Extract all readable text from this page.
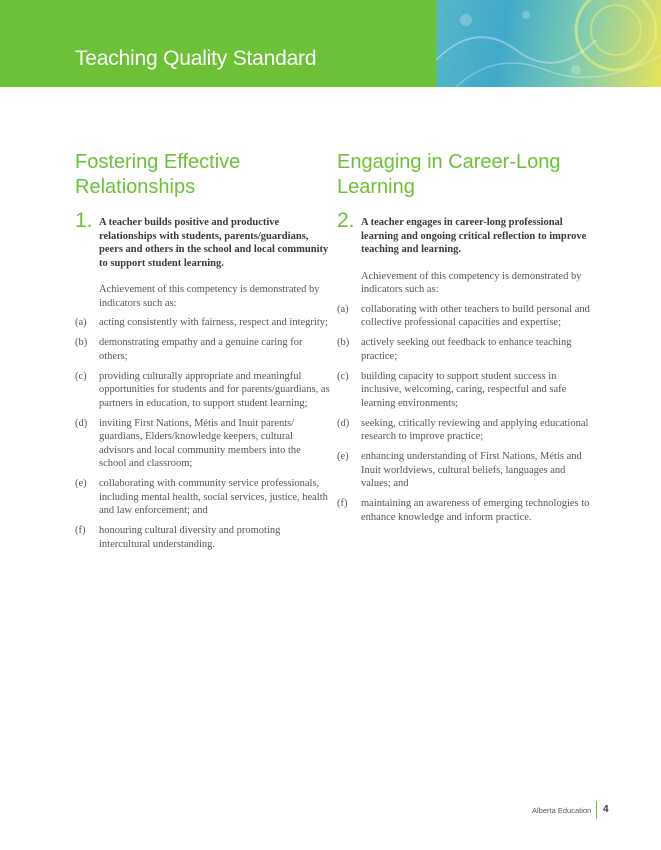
Teaching Quality Standard
Fostering Effective Relationships
1. A teacher builds positive and productive relationships with students, parents/guardians, peers and others in the school and local community to support student learning.
Achievement of this competency is demonstrated by indicators such as:
(a) acting consistently with fairness, respect and integrity;
(b) demonstrating empathy and a genuine caring for others;
(c) providing culturally appropriate and meaningful opportunities for students and for parents/guardians, as partners in education, to support student learning;
(d) inviting First Nations, Métis and Inuit parents/ guardians, Elders/knowledge keepers, cultural advisors and local community members into the school and classroom;
(e) collaborating with community service professionals, including mental health, social services, justice, health and law enforcement; and
(f) honouring cultural diversity and promoting intercultural understanding.
Engaging in Career-Long Learning
2. A teacher engages in career-long professional learning and ongoing critical reflection to improve teaching and learning.
Achievement of this competency is demonstrated by indicators such as:
(a) collaborating with other teachers to build personal and collective professional capacities and expertise;
(b) actively seeking out feedback to enhance teaching practice;
(c) building capacity to support student success in inclusive, welcoming, caring, respectful and safe learning environments;
(d) seeking, critically reviewing and applying educational research to improve practice;
(e) enhancing understanding of First Nations, Métis and Inuit worldviews, cultural beliefs, languages and values; and
(f) maintaining an awareness of emerging technologies to enhance knowledge and inform practice.
Alberta Education 4
